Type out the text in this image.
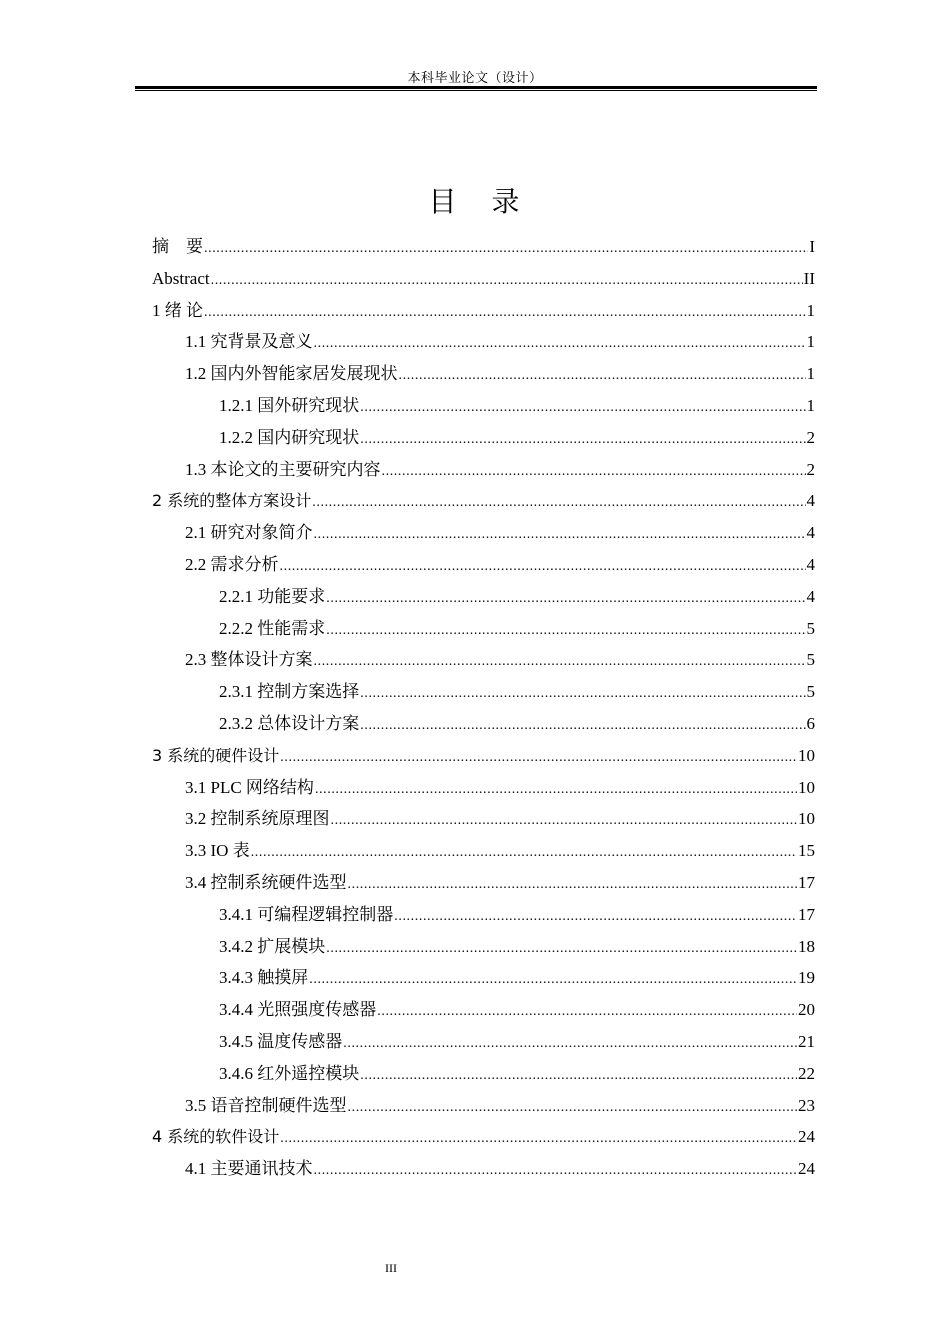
本科毕业论文（设计）
目 录
摘　要 .....	I
Abstract .....	II
1 绪 论 .....	1
1.1 究背景及意义 .....	1
1.2 国内外智能家居发展现状 .....	1
1.2.1 国外研究现状 .....	1
1.2.2 国内研究现状 .....	2
1.3 本论文的主要研究内容 .....	2
2 系统的整体方案设计 .....	4
2.1 研究对象简介 .....	4
2.2 需求分析 .....	4
2.2.1 功能要求 .....	4
2.2.2 性能需求 .....	5
2.3 整体设计方案 .....	5
2.3.1 控制方案选择 .....	5
2.3.2 总体设计方案 .....	6
3 系统的硬件设计 .....	10
3.1 PLC 网络结构 .....	10
3.2 控制系统原理图 .....	10
3.3 IO 表 .....	15
3.4 控制系统硬件选型 .....	17
3.4.1 可编程逻辑控制器 .....	17
3.4.2 扩展模块 .....	18
3.4.3 触摸屏 .....	19
3.4.4 光照强度传感器 .....	20
3.4.5 温度传感器 .....	21
3.4.6 红外遥控模块 .....	22
3.5 语音控制硬件选型 .....	23
4 系统的软件设计 .....	24
4.1 主要通讯技术 .....	24
III
